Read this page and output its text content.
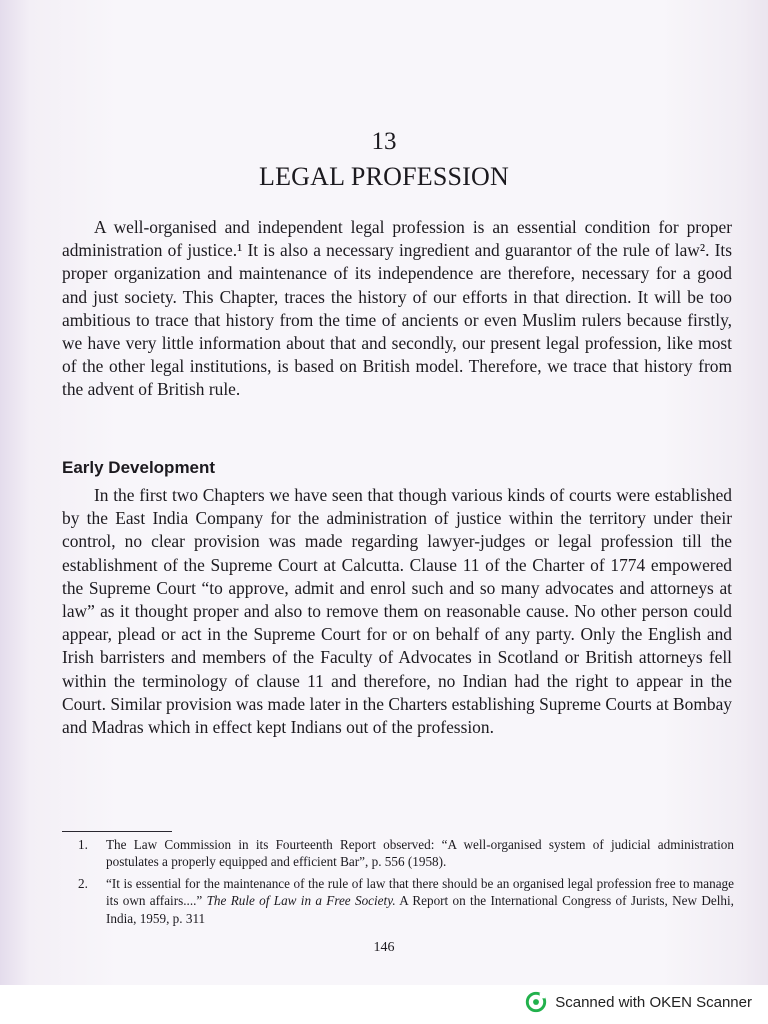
13
LEGAL PROFESSION

A well-organised and independent legal profession is an essential condition for proper administration of justice.¹ It is also a necessary ingredient and guarantor of the rule of law². Its proper organization and maintenance of its independence are therefore, necessary for a good and just society. This Chapter, traces the history of our efforts in that direction. It will be too ambitious to trace that history from the time of ancients or even Muslim rulers because firstly, we have very little information about that and secondly, our present legal profession, like most of the other legal institutions, is based on British model. Therefore, we trace that history from the advent of British rule.

Early Development

In the first two Chapters we have seen that though various kinds of courts were established by the East India Company for the administration of justice within the territory under their control, no clear provision was made regarding lawyer-judges or legal profession till the establishment of the Supreme Court at Calcutta. Clause 11 of the Charter of 1774 empowered the Supreme Court “to approve, admit and enrol such and so many advocates and attorneys at law” as it thought proper and also to remove them on reasonable cause. No other person could appear, plead or act in the Supreme Court for or on behalf of any party. Only the English and Irish barristers and members of the Faculty of Advocates in Scotland or British attorneys fell within the terminology of clause 11 and therefore, no Indian had the right to appear in the Court. Similar provision was made later in the Charters establishing Supreme Courts at Bombay and Madras which in effect kept Indians out of the profession.

1. The Law Commission in its Fourteenth Report observed: “A well-organised system of judicial administration postulates a properly equipped and efficient Bar”, p. 556 (1958).
2. “It is essential for the maintenance of the rule of law that there should be an organised legal profession free to manage its own affairs....” The Rule of Law in a Free Society. A Report on the International Congress of Jurists, New Delhi, India, 1959, p. 311
146
Scanned with OKEN Scanner
